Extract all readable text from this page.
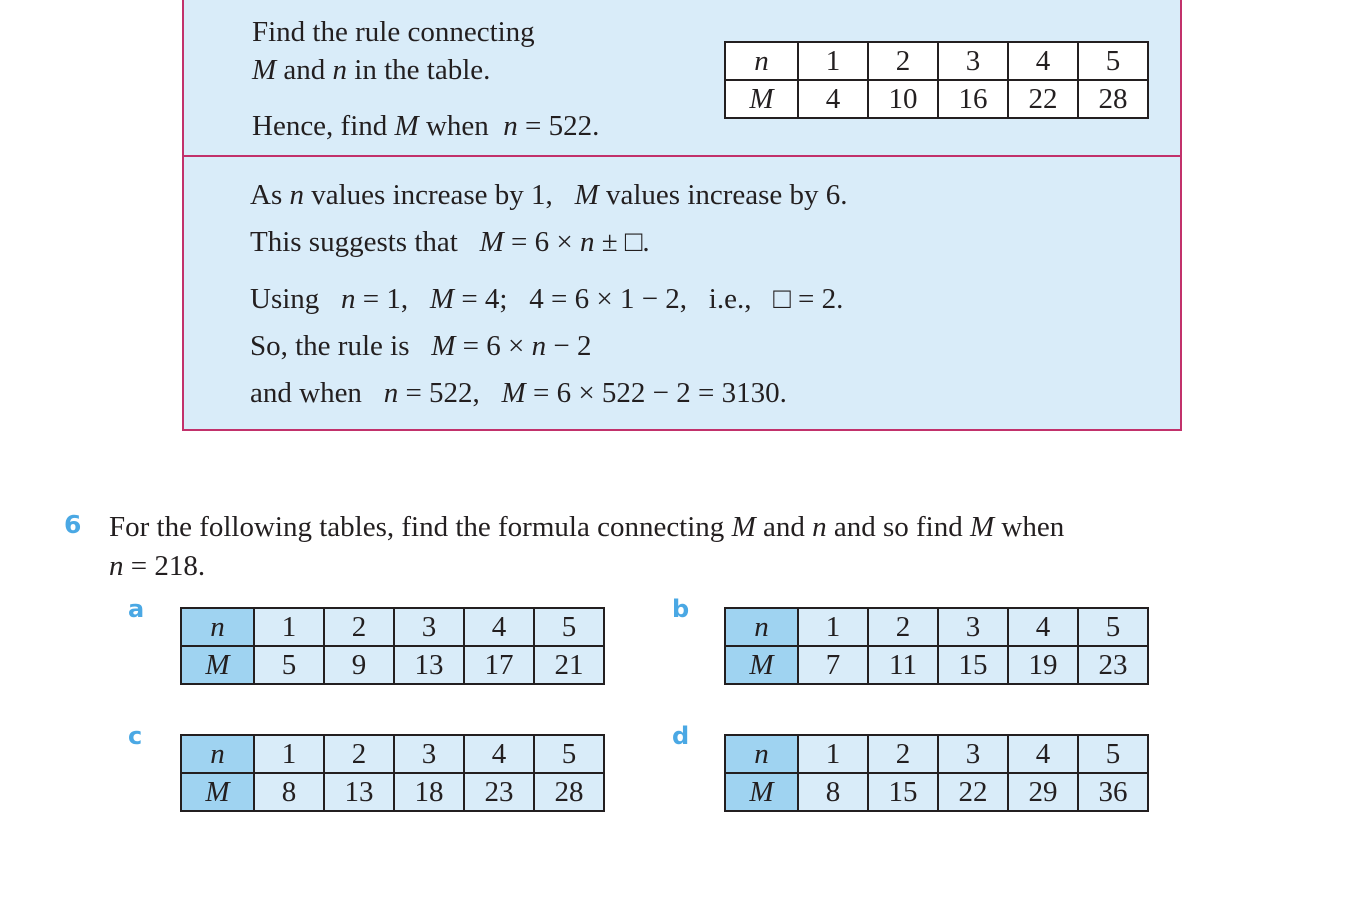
Find the rule connecting
M and n in the table.
Hence, find M when  n = 522.
As n values increase by 1,   M values increase by 6.
This suggests that   M = 6 × n ± □.
Using   n = 1,   M = 4;   4 = 6 × 1 − 2,   i.e.,   □ = 2.
So, the rule is   M = 6 × n − 2
and when   n = 522,   M = 6 × 522 − 2 = 3130.
n	1	2	3	4	5
M	4	10	16	22	28
6 For the following tables, find the formula connecting M and n and so find M when
n = 218.
a
n	1	2	3	4	5
M	5	9	13	17	21
b
n	1	2	3	4	5
M	7	11	15	19	23
c
n	1	2	3	4	5
M	8	13	18	23	28
d
n	1	2	3	4	5
M	8	15	22	29	36
